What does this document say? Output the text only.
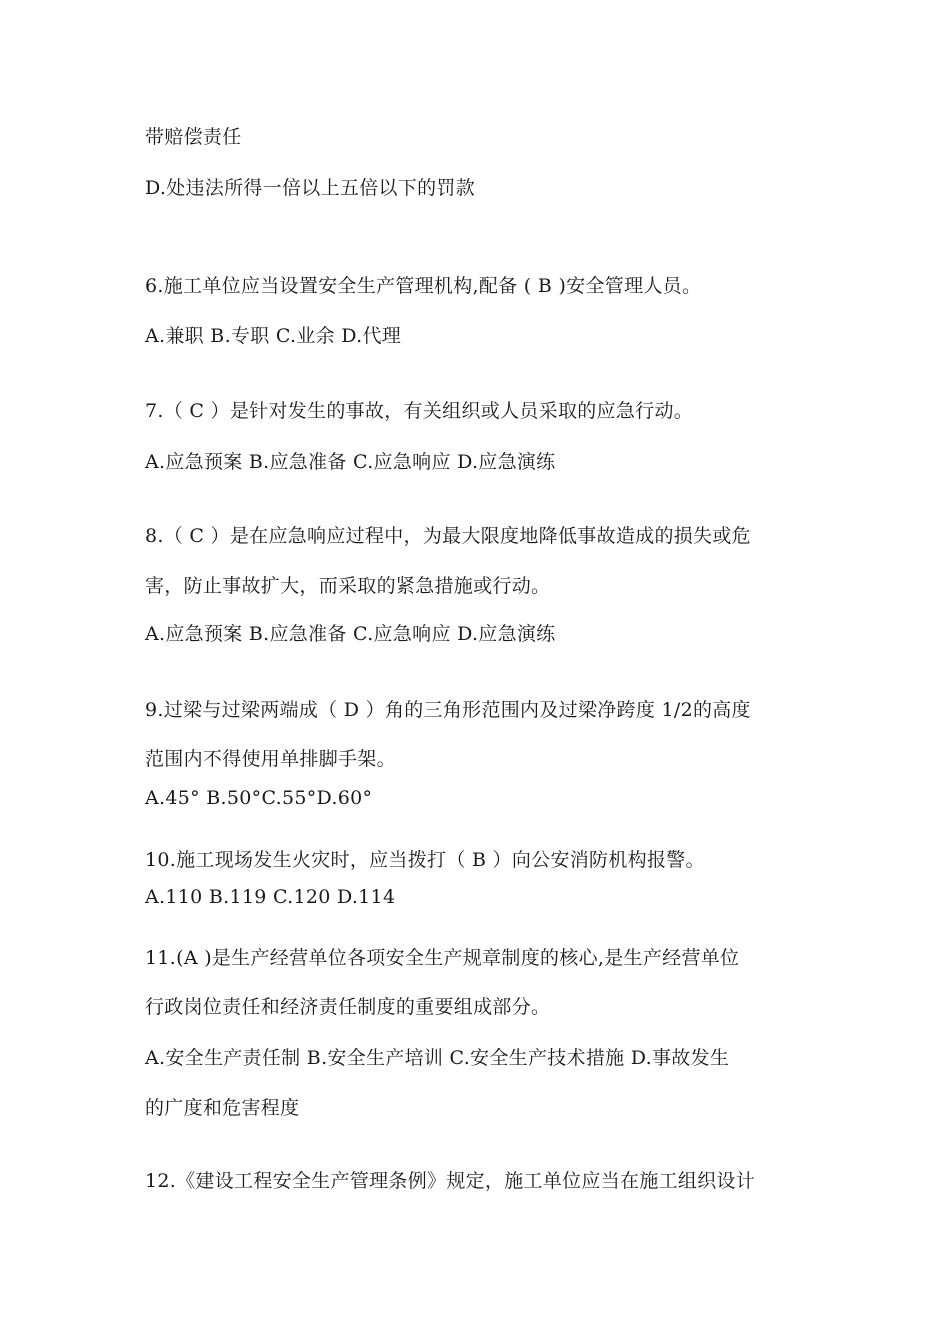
带赔偿责任
D.处违法所得一倍以上五倍以下的罚款
6.施工单位应当设置安全生产管理机构,配备 ( B )安全管理人员。
A.兼职 B.专职 C.业余 D.代理
7.（ C ）是针对发生的事故，有关组织或人员采取的应急行动。
A.应急预案 B.应急准备 C.应急响应 D.应急演练
8.（ C ）是在应急响应过程中，为最大限度地降低事故造成的损失或危
害，防止事故扩大，而采取的紧急措施或行动。
A.应急预案 B.应急准备 C.应急响应 D.应急演练
9.过梁与过梁两端成（ D ）角的三角形范围内及过梁净跨度 1/2的高度
范围内不得使用单排脚手架。
A.45° B.50°C.55°D.60°
10.施工现场发生火灾时，应当拨打（ B ）向公安消防机构报警。
A.110 B.119 C.120 D.114
11.(A )是生产经营单位各项安全生产规章制度的核心,是生产经营单位
行政岗位责任和经济责任制度的重要组成部分。
A.安全生产责任制 B.安全生产培训 C.安全生产技术措施 D.事故发生
的广度和危害程度
12.《建设工程安全生产管理条例》规定，施工单位应当在施工组织设计
